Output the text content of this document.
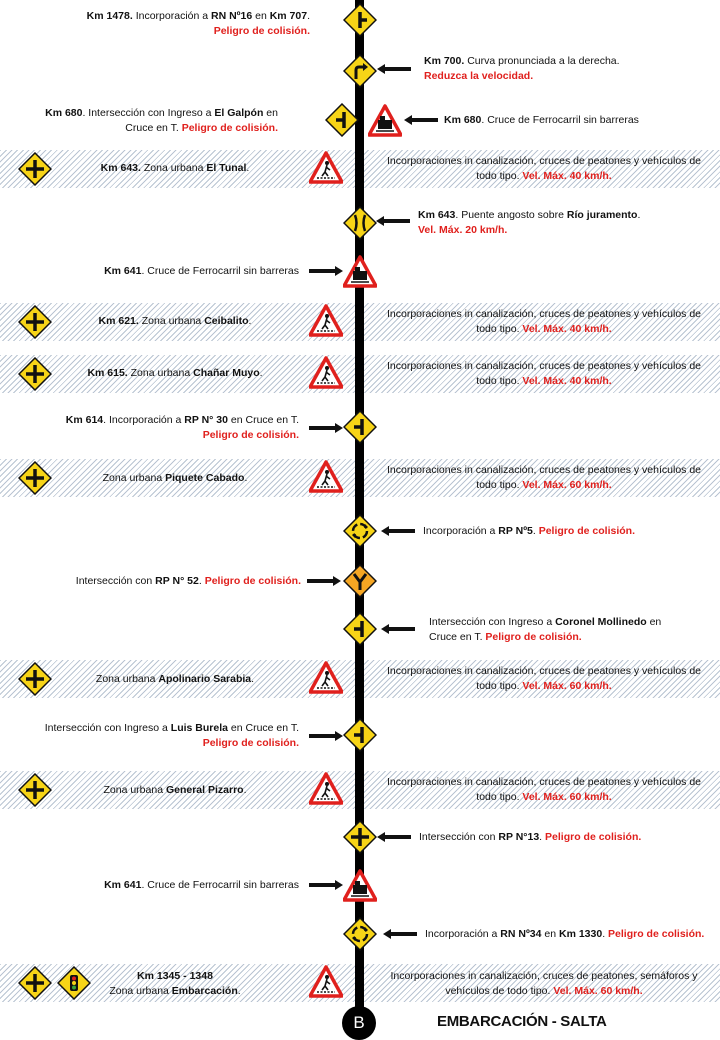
Km 1478. Incorporación a RN Nº16 en Km 707.
Peligro de colisión.
Km 700. Curva pronunciada a la derecha.
Reduzca la velocidad.
Km 680. Intersección con Ingreso a El Galpón en
Cruce en T. Peligro de colisión.
Km 680. Cruce de Ferrocarril sin barreras
Km 643. Zona urbana El Tunal.
Incorporaciones in canalización, cruces de peatones y vehículos de
todo tipo. Vel. Máx. 40 km/h.
Km 643. Puente angosto sobre Río juramento.
Vel. Máx. 20 km/h.
Km 641. Cruce de Ferrocarril sin barreras
Km 621. Zona urbana Ceibalito.
Incorporaciones in canalización, cruces de peatones y vehículos de
todo tipo. Vel. Máx. 40 km/h.
Km 615. Zona urbana Chañar Muyo.
Incorporaciones in canalización, cruces de peatones y vehículos de
todo tipo. Vel. Máx. 40 km/h.
Km 614. Incorporación a RP N° 30 en Cruce en T.
Peligro de colisión.
Zona urbana Piquete Cabado.
Incorporaciones in canalización, cruces de peatones y vehículos de
todo tipo. Vel. Máx. 60 km/h.
Incorporación a RP Nº5. Peligro de colisión.
Intersección con RP N° 52. Peligro de colisión.
Intersección con Ingreso a Coronel Mollinedo en
Cruce en T. Peligro de colisión.
Zona urbana Apolinario Sarabia.
Incorporaciones in canalización, cruces de peatones y vehículos de
todo tipo. Vel. Máx. 60 km/h.
Intersección con Ingreso a Luis Burela en Cruce en T.
Peligro de colisión.
Zona urbana General Pizarro.
Incorporaciones in canalización, cruces de peatones y vehículos de
todo tipo. Vel. Máx. 60 km/h.
Intersección con RP N°13. Peligro de colisión.
Km 641. Cruce de Ferrocarril sin barreras
Incorporación a RN Nº34 en Km 1330. Peligro de colisión.
Km 1345 - 1348
Zona urbana Embarcación.
Incorporaciones in canalización, cruces de peatones, semáforos y
vehículos de todo tipo. Vel. Máx. 60 km/h.
B	EMBARCACIÓN - SALTA
